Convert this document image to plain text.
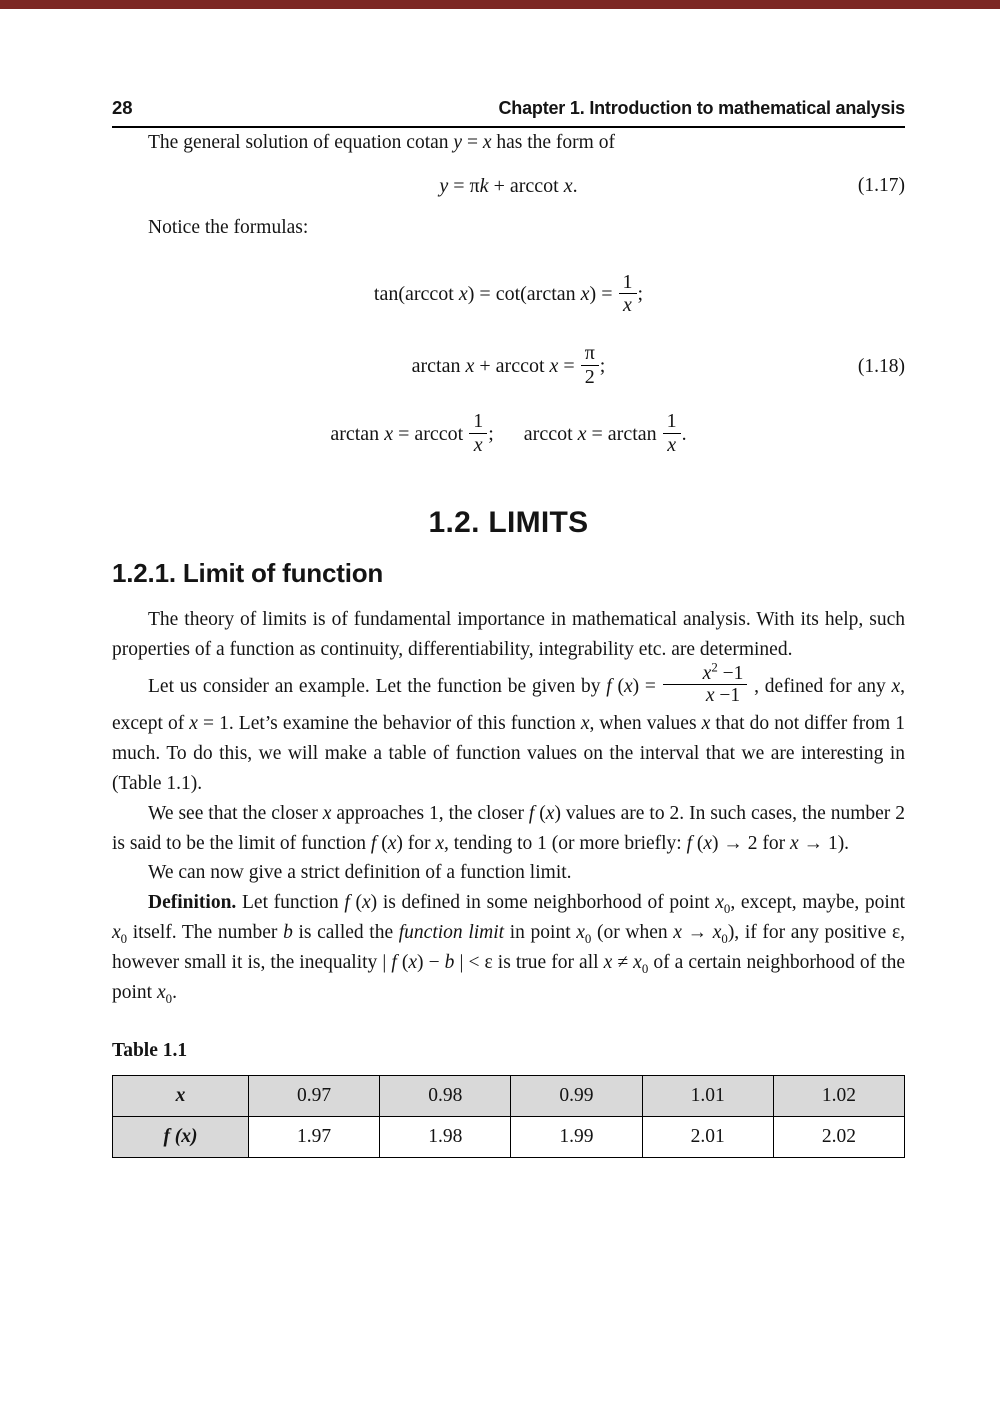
28	Chapter 1. Introduction to mathematical analysis

The general solution of equation cotan y = x has the form of

y = πk + arccot x.	(1.17)

Notice the formulas:

tan(arccot x) = cot(arctan $x) = \frac{1}{x}$ ;
arctan x + arccot $x = \frac{\pi}{2}$ ;	(1.18)
arctan x = arccot $\frac{1}{x}$ ;  arccot $x = \arctan \frac{1}{x}$ .
1.2. LIMITS
1.2.1. Limit of function

The theory of limits is of fundamental importance in mathematical analysis. With its help, such properties of a function as continuity, differentiability, integrability etc. are determined.

Let us consider an example. Let the function be given by f $(x) = \frac{x^2 -1}{x -1}$ , defined for any x, except of x = 1. Let’s examine the behavior of this function x, when values x that do not differ from 1 much. To do this, we will make a table of function values on the interval that we are interesting in (Table 1.1).

We see that the closer x approaches 1, the closer f (x) values are to 2. In such cases, the number 2 is said to be the limit of function f (x) for x, tending to 1 (or more briefly: f (x) → 2 for x → 1).

We can now give a strict definition of a function limit.

Definition. Let function f (x) is defined in some neighborhood of point $x_0$, except, maybe, point $x_0$ itself. The number b is called the function limit in point $x_0$ (or when $x \to x_0$), if for any positive ε, however small it is, the inequality | f (x) − b | < ε is true for all $x \ne x_0$ of a certain neighborhood of the point $x_0$.

Table 1.1

x	0.97	0.98	0.99	1.01	1.02
f (x)	1.97	1.98	1.99	2.01	2.02
